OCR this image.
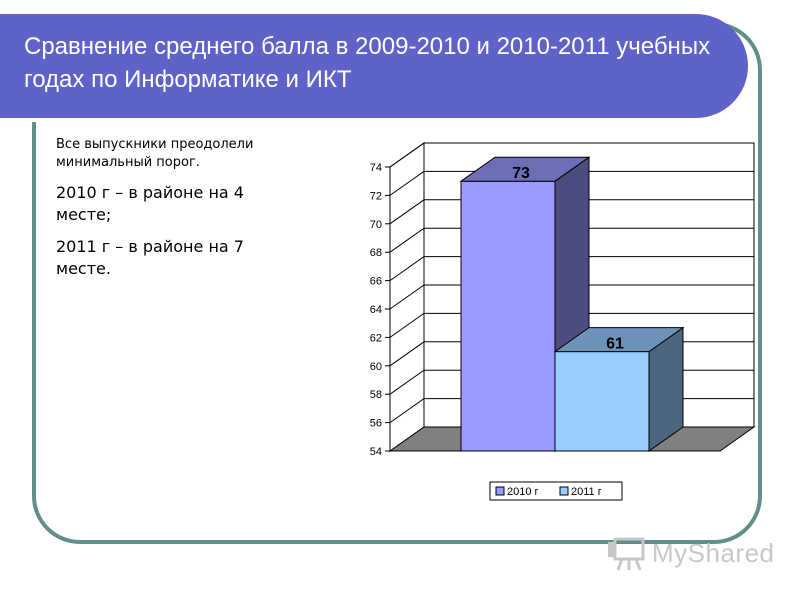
Сравнение среднего балла в 2009-2010 и 2010-2011 учебных годах по Информатике и ИКТ

Все выпускники преодолели минимальный порог.

2010 г – в районе на 4 месте;

2011 г – в районе на 7 месте.

54
56
58
60
62
64
66
68
70
72
74	73
61
2010 г	2011 г
MyShared
